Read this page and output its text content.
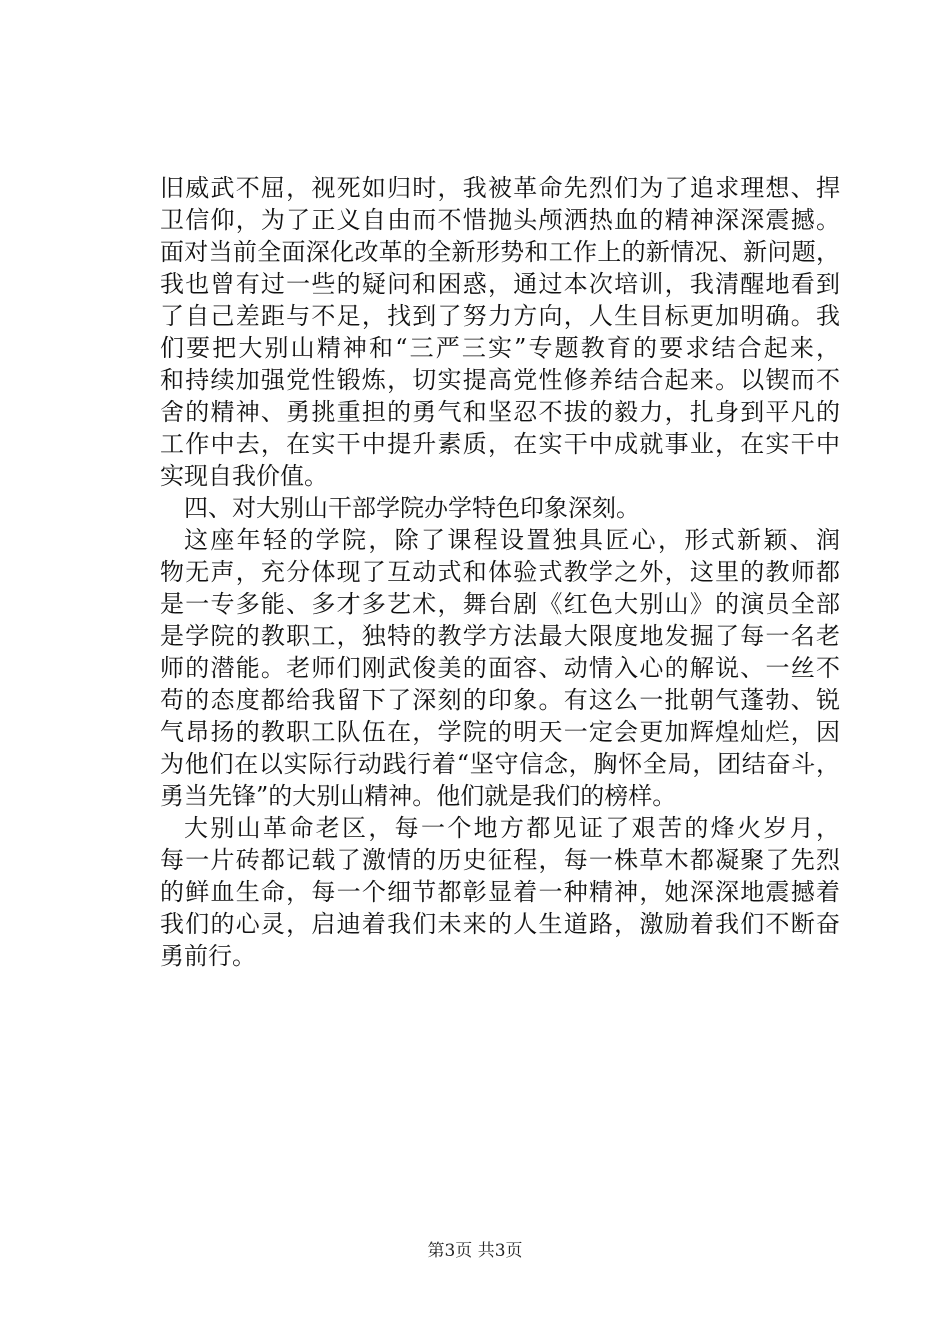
旧威武不屈，视死如归时，我被革命先烈们为了追求理想、捍
卫信仰，为了正义自由而不惜抛头颅洒热血的精神深深震撼。
面对当前全面深化改革的全新形势和工作上的新情况、新问题，
我也曾有过一些的疑问和困惑，通过本次培训，我清醒地看到
了自己差距与不足，找到了努力方向，人生目标更加明确。我
们要把大别山精神和“三严三实”专题教育的要求结合起来，
和持续加强党性锻炼，切实提高党性修养结合起来。以锲而不
舍的精神、勇挑重担的勇气和坚忍不拔的毅力，扎身到平凡的
工作中去，在实干中提升素质，在实干中成就事业，在实干中
实现自我价值。
四、对大别山干部学院办学特色印象深刻。
这座年轻的学院，除了课程设置独具匠心，形式新颖、润
物无声，充分体现了互动式和体验式教学之外，这里的教师都
是一专多能、多才多艺术，舞台剧《红色大别山》的演员全部
是学院的教职工，独特的教学方法最大限度地发掘了每一名老
师的潜能。老师们刚武俊美的面容、动情入心的解说、一丝不
苟的态度都给我留下了深刻的印象。有这么一批朝气蓬勃、锐
气昂扬的教职工队伍在，学院的明天一定会更加辉煌灿烂，因
为他们在以实际行动践行着“坚守信念，胸怀全局，团结奋斗，
勇当先锋”的大别山精神。他们就是我们的榜样。
大别山革命老区，每一个地方都见证了艰苦的烽火岁月，
每一片砖都记载了激情的历史征程，每一株草木都凝聚了先烈
的鲜血生命，每一个细节都彰显着一种精神，她深深地震撼着
我们的心灵，启迪着我们未来的人生道路，激励着我们不断奋
勇前行。
第3页 共3页
